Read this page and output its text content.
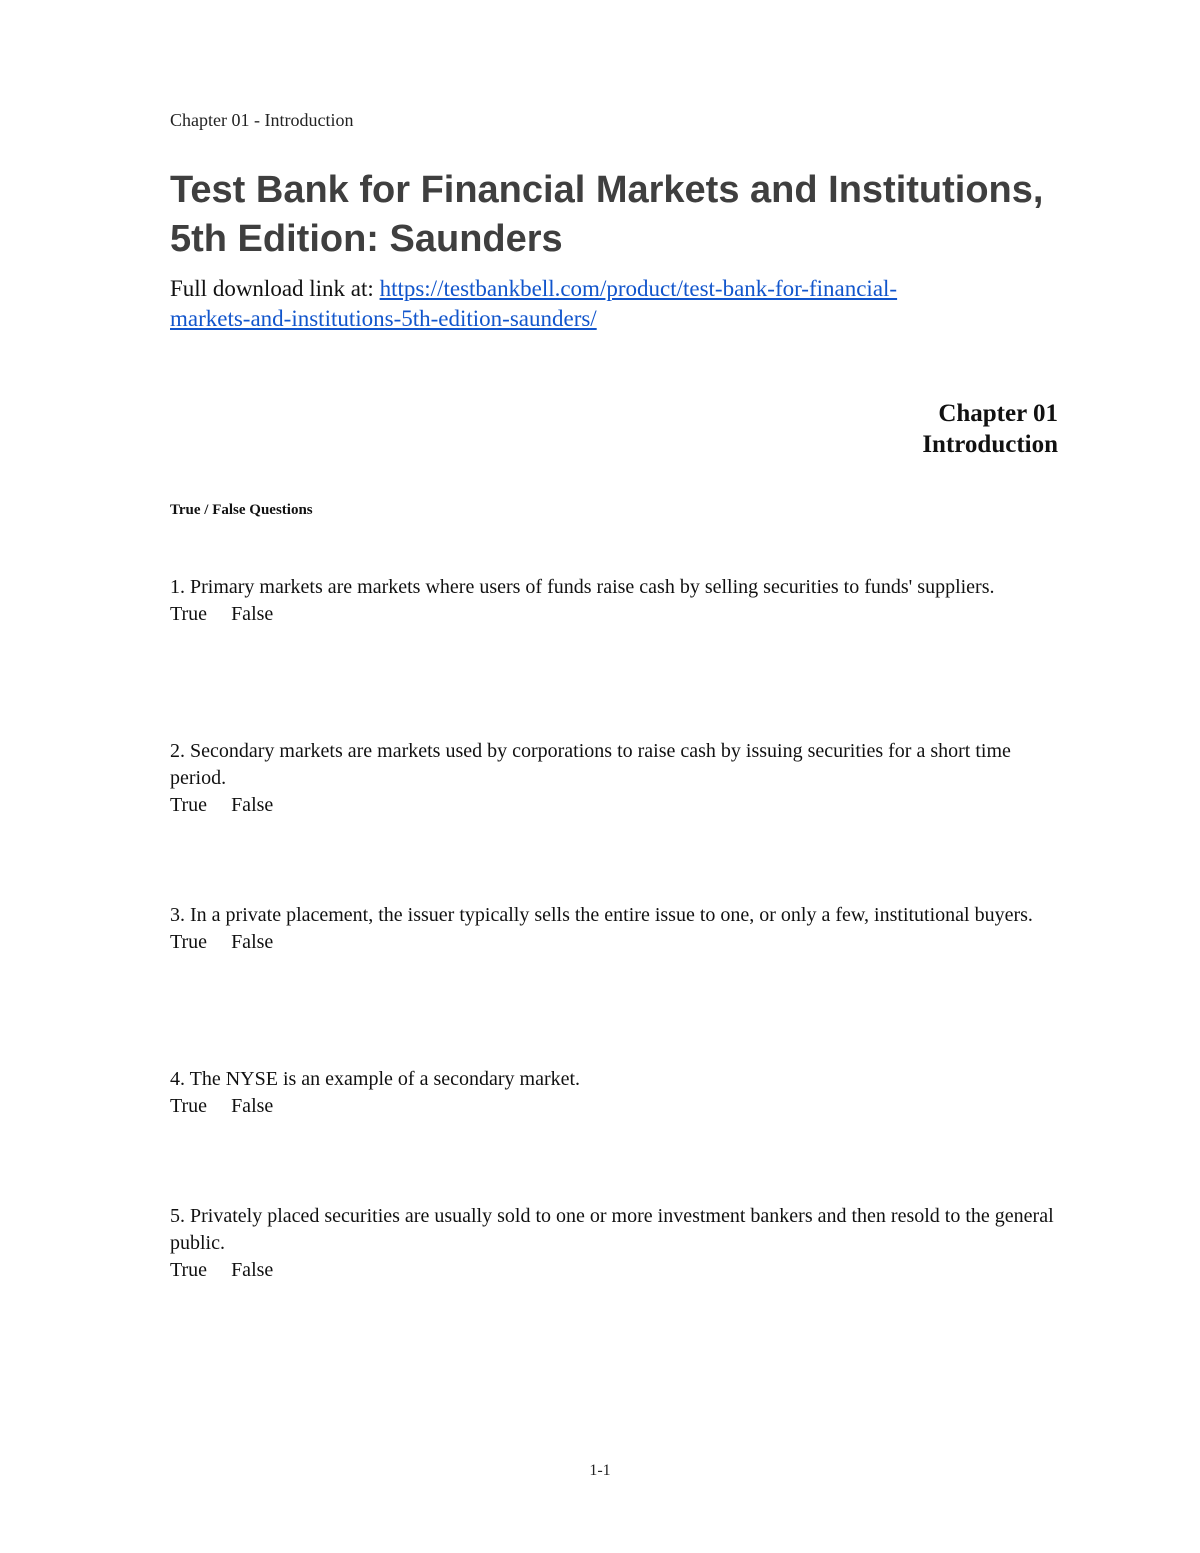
Chapter 01 - Introduction
Test Bank for Financial Markets and Institutions, 5th Edition: Saunders
Full download link at: https://testbankbell.com/product/test-bank-for-financial-
markets-and-institutions-5th-edition-saunders/
Chapter 01
Introduction
True / False Questions
1. Primary markets are markets where users of funds raise cash by selling securities to funds' suppliers.
True False
2. Secondary markets are markets used by corporations to raise cash by issuing securities for a short time period.
True False
3. In a private placement, the issuer typically sells the entire issue to one, or only a few, institutional buyers.
True False
4. The NYSE is an example of a secondary market.
True False
5. Privately placed securities are usually sold to one or more investment bankers and then resold to the general public.
True False
1-1
